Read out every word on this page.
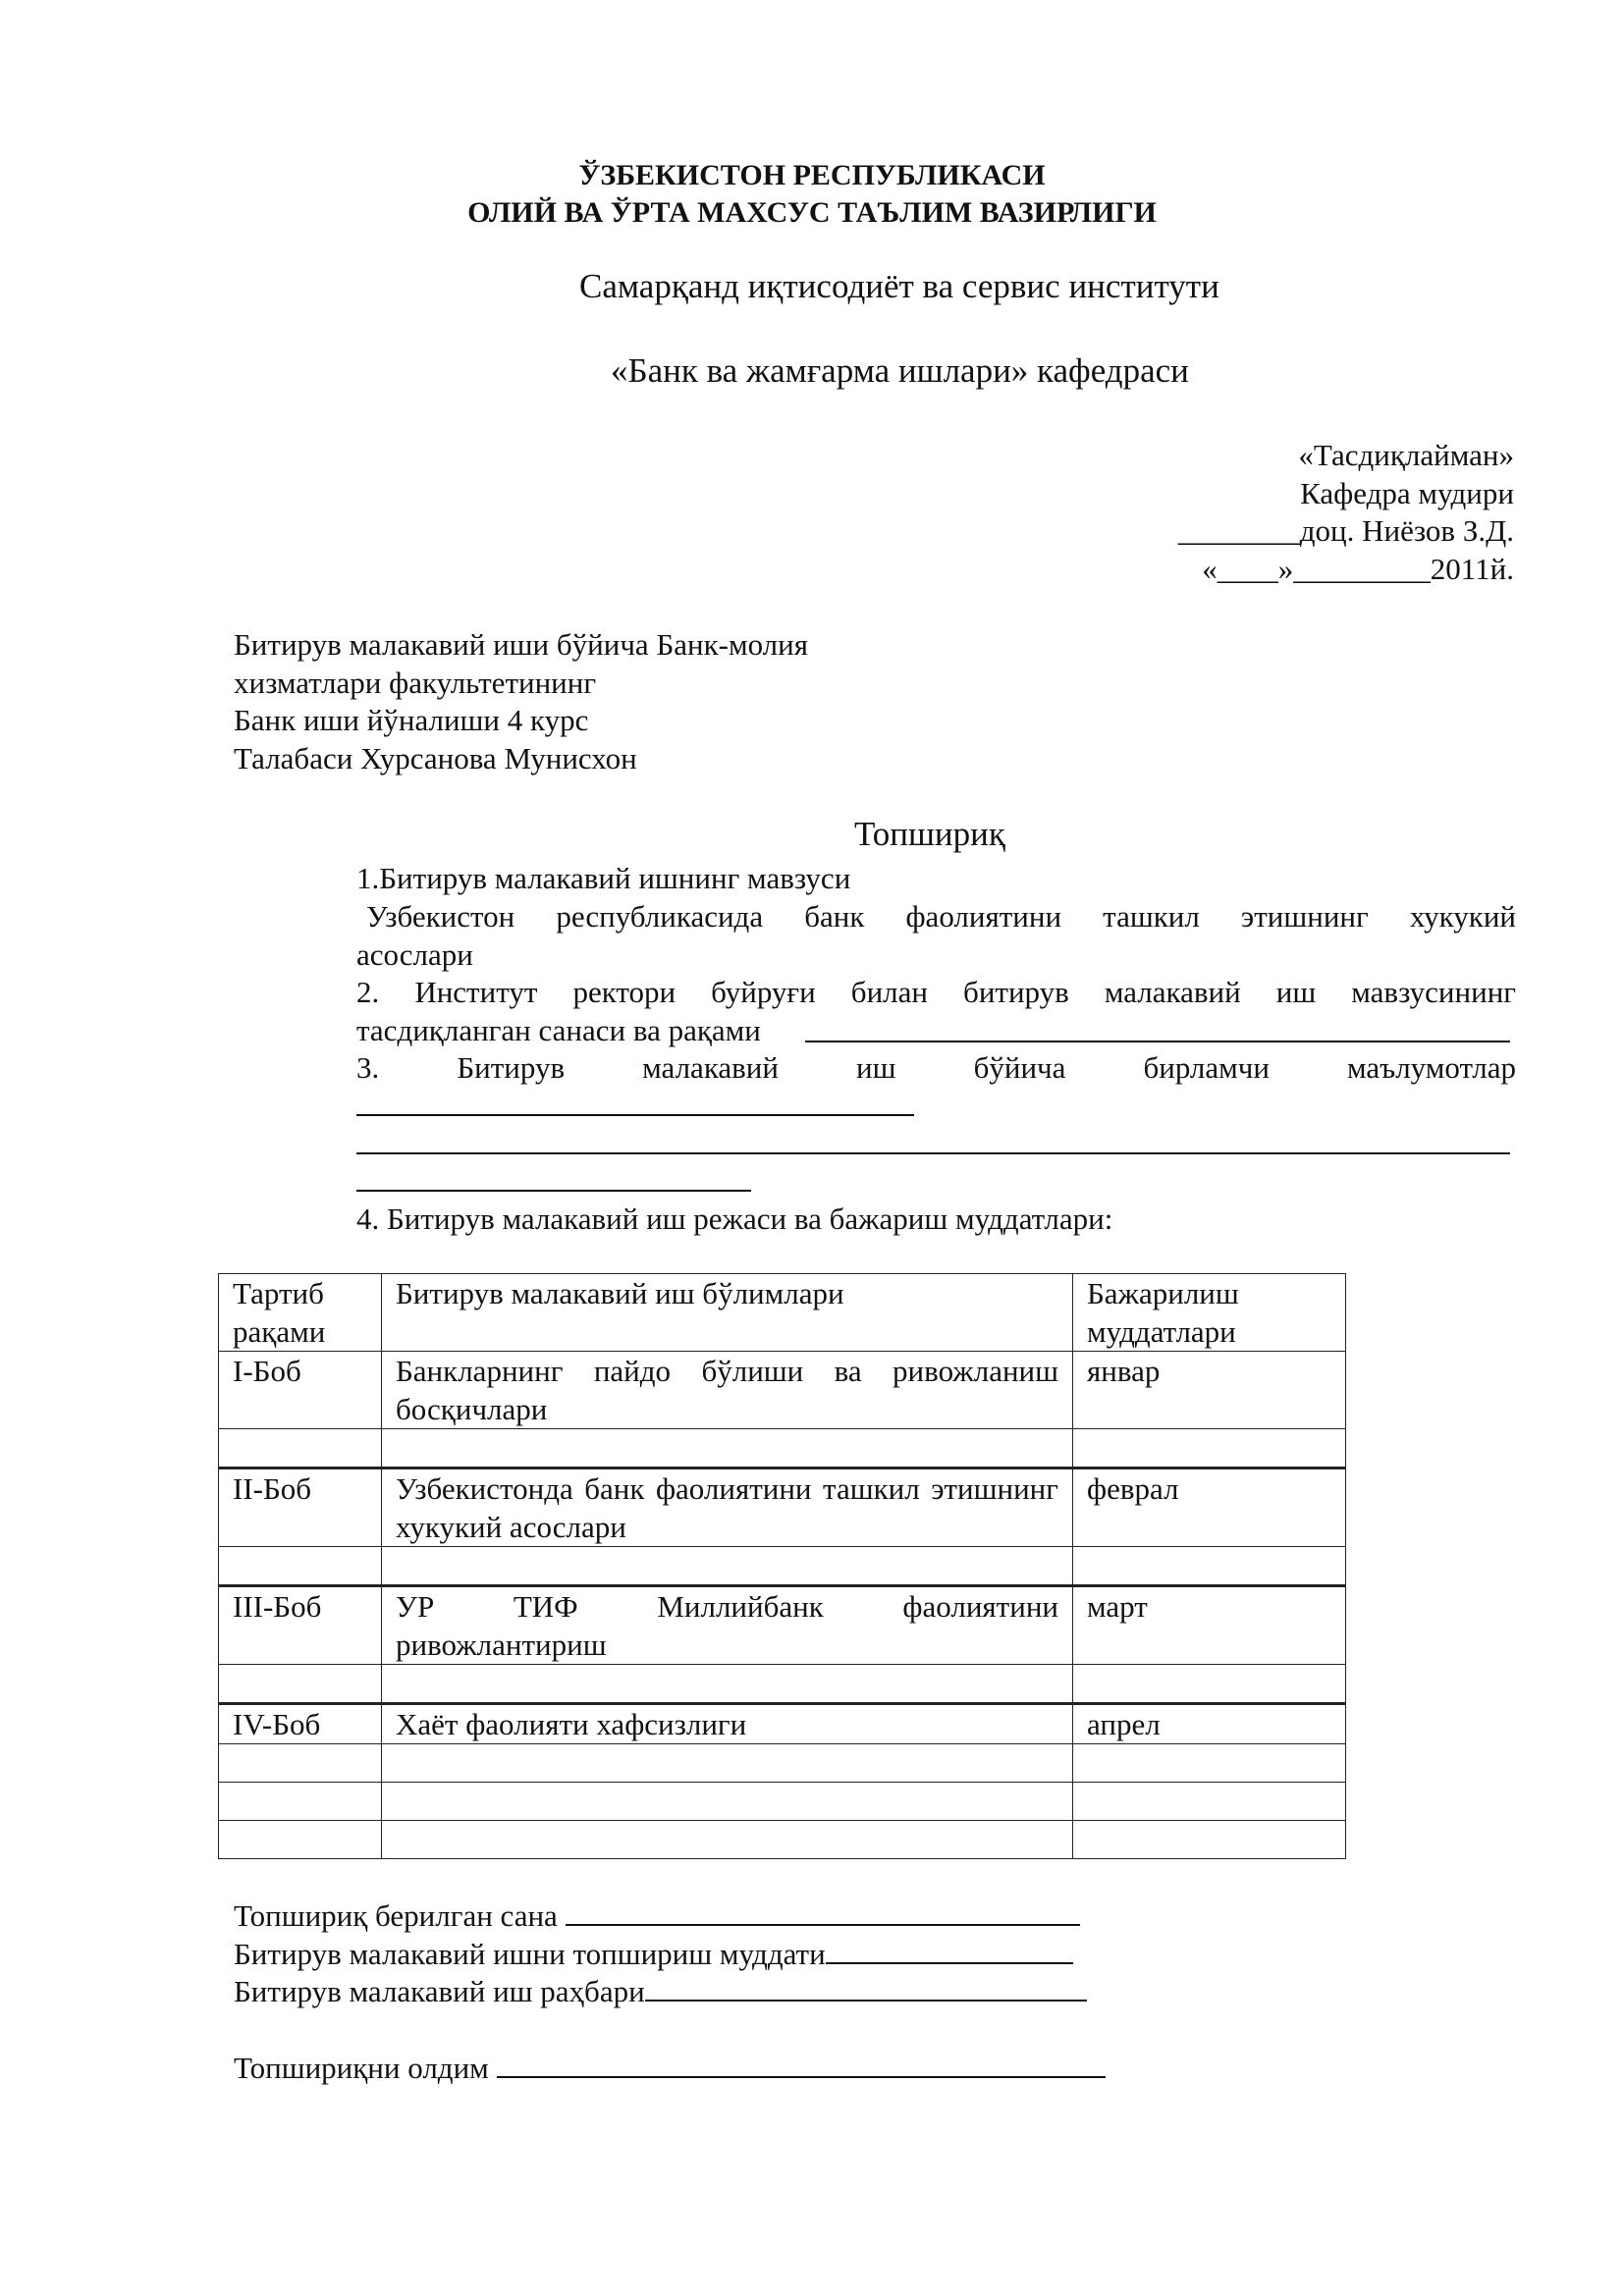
ЎЗБЕКИСТОН РЕСПУБЛИКАСИ
ОЛИЙ ВА ЎРТА МАХСУС ТАЪЛИМ ВАЗИРЛИГИ
Самарқанд иқтисодиёт ва сервис институти
«Банк ва жамғарма ишлари» кафедраси
«Тасдиқлайман»
Кафедра мудири
________доц. Ниёзов З.Д.
«____»_________2011й.
Битирув малакавий иши бўйича Банк-молия
хизматлари факультетининг
Банк иши йўналиши 4 курс
Талабаси Хурсанова Мунисхон
Топшириқ
1.Битирув малакавий ишнинг мавзуси
Узбекистон республикасида банк фаолиятини ташкил этишнинг хукукий
асослари
2. Институт ректори буйруғи билан битирув малакавий иш мавзусининг
тасдиқланган санаси ва рақами
3. Битирув малакавий иш бўйича бирламчи маълумотлар
4. Битирув малакавий иш режаси ва бажариш муддатлари:
Тартиб рақами	Битирув малакавий иш бўлимлари	Бажарилиш муддатлари
I-Боб	Банкларнинг пайдо бўлиши ва ривожланиш босқичлари	январ

II-Боб	Узбекистонда банк фаолиятини ташкил этишнинг хукукий асослари	феврал

III-Боб	УР ТИФ Миллийбанк фаолиятини ривожлантириш	март

IV-Боб	Хаёт фаолияти хафсизлиги	апрел

Топшириқ берилган сана
Битирув малакавий ишни топшириш муддати
Битирув малакавий иш раҳбари
Топшириқни олдим
